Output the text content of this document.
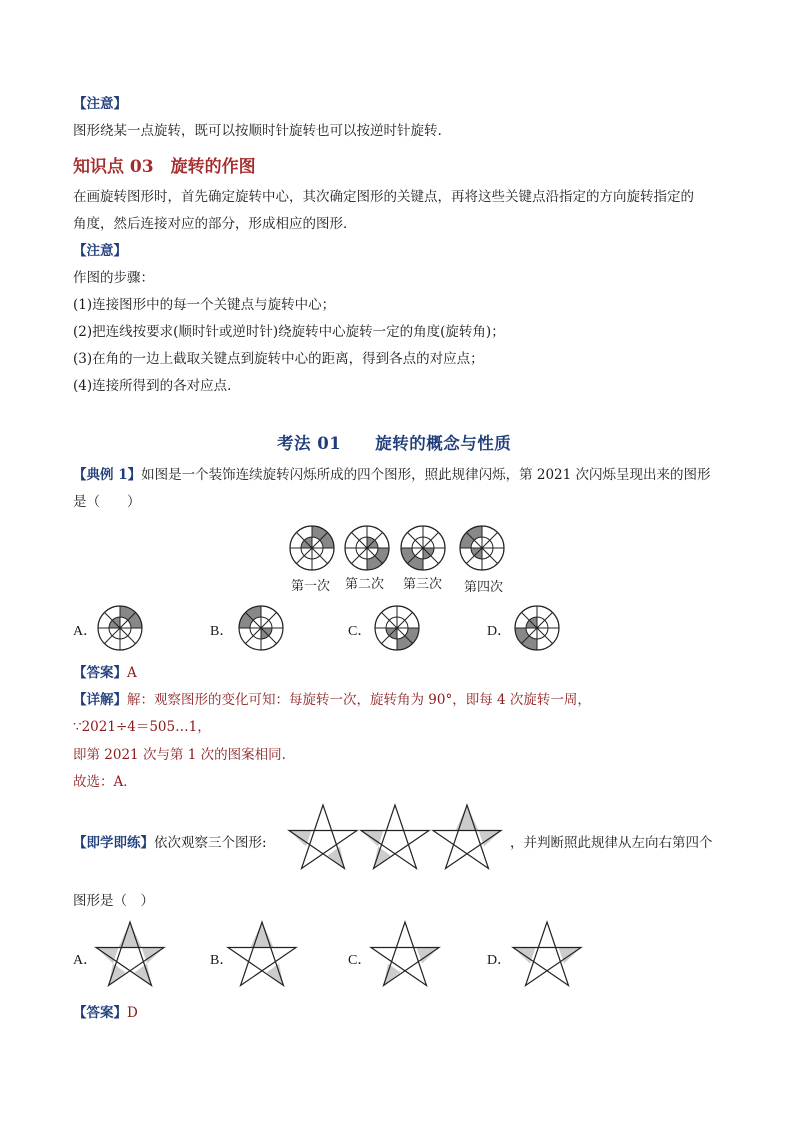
【注意】
图形绕某一点旋转，既可以按顺时针旋转也可以按逆时针旋转.
知识点 03　旋转的作图
在画旋转图形时，首先确定旋转中心，其次确定图形的关键点，再将这些关键点沿指定的方向旋转指定的
角度，然后连接对应的部分，形成相应的图形．
【注意】
作图的步骤：
(1)连接图形中的每一个关键点与旋转中心；
(2)把连线按要求(顺时针或逆时针)绕旋转中心旋转一定的角度(旋转角)；
(3)在角的一边上截取关键点到旋转中心的距离，得到各点的对应点；
(4)连接所得到的各对应点.
考法 01　　旋转的概念与性质
【典例 1】如图是一个装饰连续旋转闪烁所成的四个图形，照此规律闪烁，第 2021 次闪烁呈现出来的图形
是（　　）
第一次 第二次 第三次 第四次
A．	B．	C．	D．
【答案】A
【详解】解：观察图形的变化可知：每旋转一次，旋转角为 90°，即每 4 次旋转一周，
∵2021÷4＝505…1，
即第 2021 次与第 1 次的图案相同.
故选：A．
【即学即练】依次观察三个图形:	，并判断照此规律从左向右第四个
图形是（　）
A．	B．	C．	D．
【答案】D
